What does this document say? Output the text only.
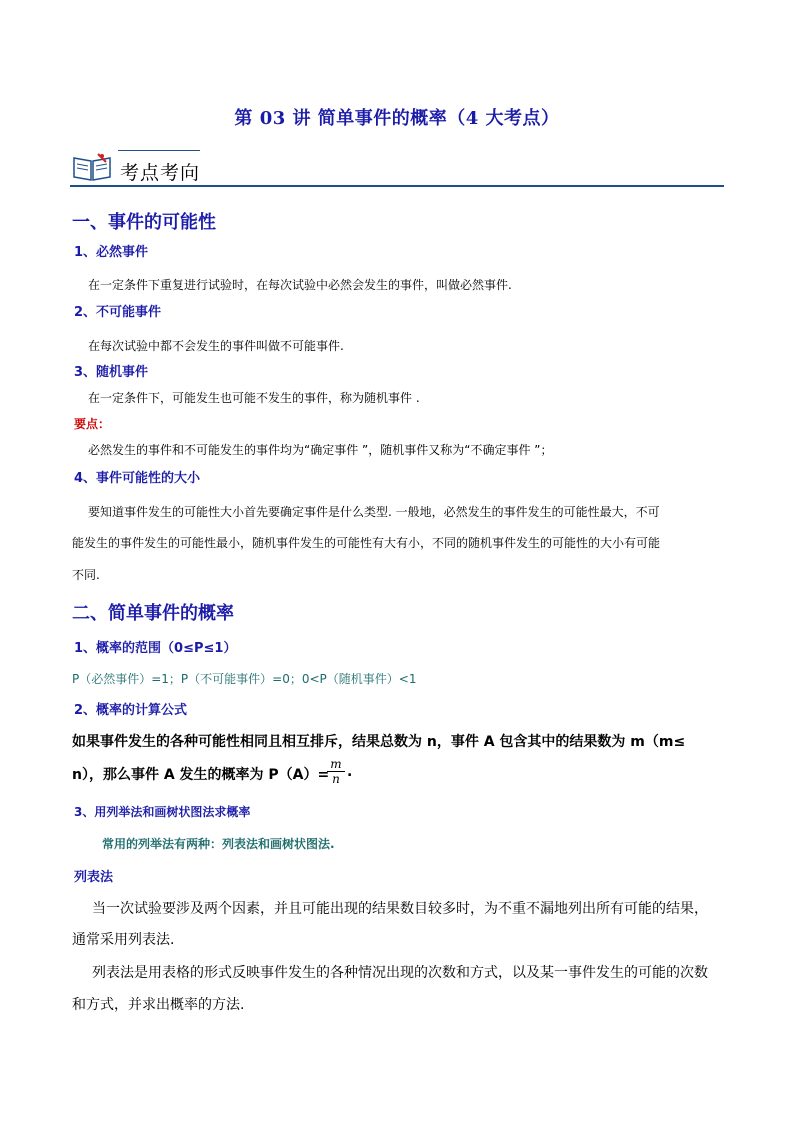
第 03 讲 简单事件的概率（4 大考点）
考点考向
一、事件的可能性
1、必然事件
在一定条件下重复进行试验时，在每次试验中必然会发生的事件，叫做必然事件.
2、不可能事件
在每次试验中都不会发生的事件叫做不可能事件.
3、随机事件
在一定条件下，可能发生也可能不发生的事件，称为随机事件 .
要点：
必然发生的事件和不可能发生的事件均为“确定事件 ”，随机事件又称为“不确定事件 ”；
4、事件可能性的大小
要知道事件发生的可能性大小首先要确定事件是什么类型. 一般地，必然发生的事件发生的可能性最大，不可
能发生的事件发生的可能性最小，随机事件发生的可能性有大有小，不同的随机事件发生的可能性的大小有可能
不同.
二、简单事件的概率
1、概率的范围（0≤P≤1）
P（必然事件）=1；P（不可能事件）=0；0<P（随机事件）<1
2、概率的计算公式
如果事件发生的各种可能性相同且相互排斥，结果总数为 n，事件 A 包含其中的结果数为 m（m≤
n），那么事件 A 发生的概率为 P（A）=
$\frac{m}{n}$ .
3、用列举法和画树状图法求概率
常用的列举法有两种：列表法和画树状图法.
列表法
当一次试验要涉及两个因素，并且可能出现的结果数目较多时，为不重不漏地列出所有可能的结果，
通常采用列表法.
列表法是用表格的形式反映事件发生的各种情况出现的次数和方式，以及某一事件发生的可能的次数
和方式，并求出概率的方法.
